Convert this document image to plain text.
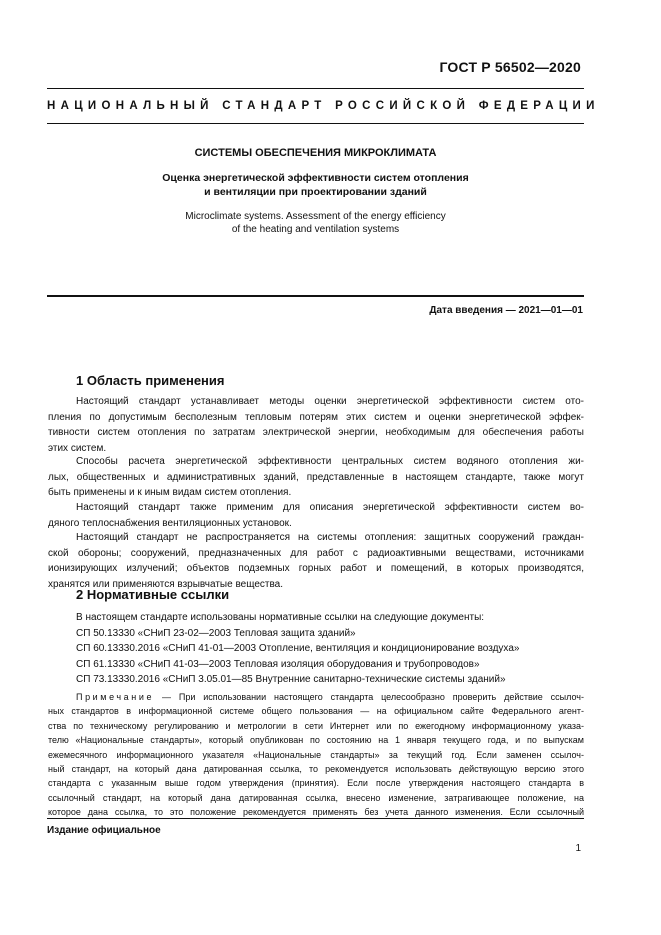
ГОСТ Р 56502—2020
НАЦИОНАЛЬНЫЙ СТАНДАРТ РОССИЙСКОЙ ФЕДЕРАЦИИ
СИСТЕМЫ ОБЕСПЕЧЕНИЯ МИКРОКЛИМАТА
Оценка энергетической эффективности систем отопления
и вентиляции при проектировании зданий
Microclimate systems. Assessment of the energy efficiency
of the heating and ventilation systems
Дата введения — 2021—01—01
1 Область применения
Настоящий стандарт устанавливает методы оценки энергетической эффективности систем ото-
пления по допустимым бесполезным тепловым потерям этих систем и оценки энергетической эффек-
тивности систем отопления по затратам электрической энергии, необходимым для обеспечения работы
этих систем.
Способы расчета энергетической эффективности центральных систем водяного отопления жи-
лых, общественных и административных зданий, представленные в настоящем стандарте, также могут
быть применены и к иным видам систем отопления.
Настоящий стандарт также применим для описания энергетической эффективности систем во-
дяного теплоснабжения вентиляционных установок.
Настоящий стандарт не распространяется на системы отопления: защитных сооружений граждан-
ской обороны; сооружений, предназначенных для работ с радиоактивными веществами, источниками
ионизирующих излучений; объектов подземных горных работ и помещений, в которых производятся,
хранятся или применяются взрывчатые вещества.
2 Нормативные ссылки
В настоящем стандарте использованы нормативные ссылки на следующие документы:
СП 50.13330 «СНиП 23-02—2003 Тепловая защита зданий»
СП 60.13330.2016 «СНиП 41-01—2003 Отопление, вентиляция и кондиционирование воздуха»
СП 61.13330 «СНиП 41-03—2003 Тепловая изоляция оборудования и трубопроводов»
СП 73.13330.2016 «СНиП 3.05.01—85 Внутренние санитарно-технические системы зданий»
Примечание — При использовании настоящего стандарта целесообразно проверить действие ссылоч-
ных стандартов в информационной системе общего пользования — на официальном сайте Федерального агент-
ства по техническому регулированию и метрологии в сети Интернет или по ежегодному информационному указа-
телю «Национальные стандарты», который опубликован по состоянию на 1 января текущего года, и по выпускам
ежемесячного информационного указателя «Национальные стандарты» за текущий год. Если заменен ссылоч-
ный стандарт, на который дана датированная ссылка, то рекомендуется использовать действующую версию этого
стандарта с указанным выше годом утверждения (принятия). Если после утверждения настоящего стандарта в
ссылочный стандарт, на который дана датированная ссылка, внесено изменение, затрагивающее положение, на
которое дана ссылка, то это положение рекомендуется применять без учета данного изменения. Если ссылочный
Издание официальное
1
